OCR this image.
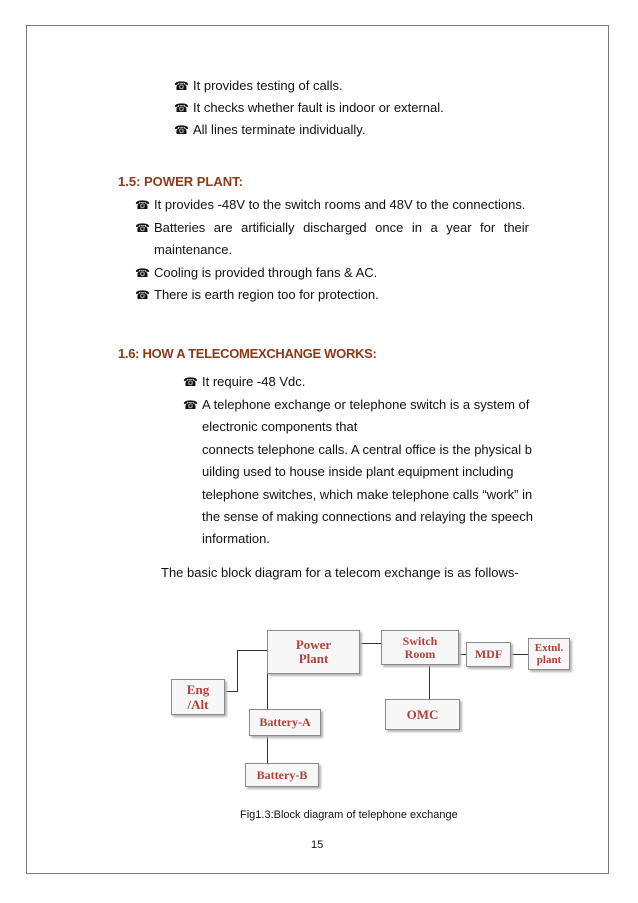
☎ It provides testing of calls.
☎ It checks whether fault is indoor or external.
☎ All lines terminate individually.
1.5: POWER PLANT:
☎ It provides -48V to the switch rooms and 48V to the connections.
☎ Batteries are artificially discharged once in a year for their
maintenance.
☎ Cooling is provided through fans & AC.
☎ There is earth region too for protection.
1.6: HOW A TELECOMEXCHANGE WORKS:
☎ It require -48 Vdc.
☎ A telephone exchange or telephone switch is a system of
electronic components that
connects telephone calls. A central office is the physical b
uilding used to house inside plant equipment including
telephone switches, which make telephone calls “work” in
the sense of making connections and relaying the speech
information.
The basic block diagram for a telecom exchange is as follows-
Power
Plant
Switch
Room	MDF	Extnl.
plant
Eng
/Alt
Battery-A	OMC
Battery-B
Fig1.3:Block diagram of telephone exchange
15
